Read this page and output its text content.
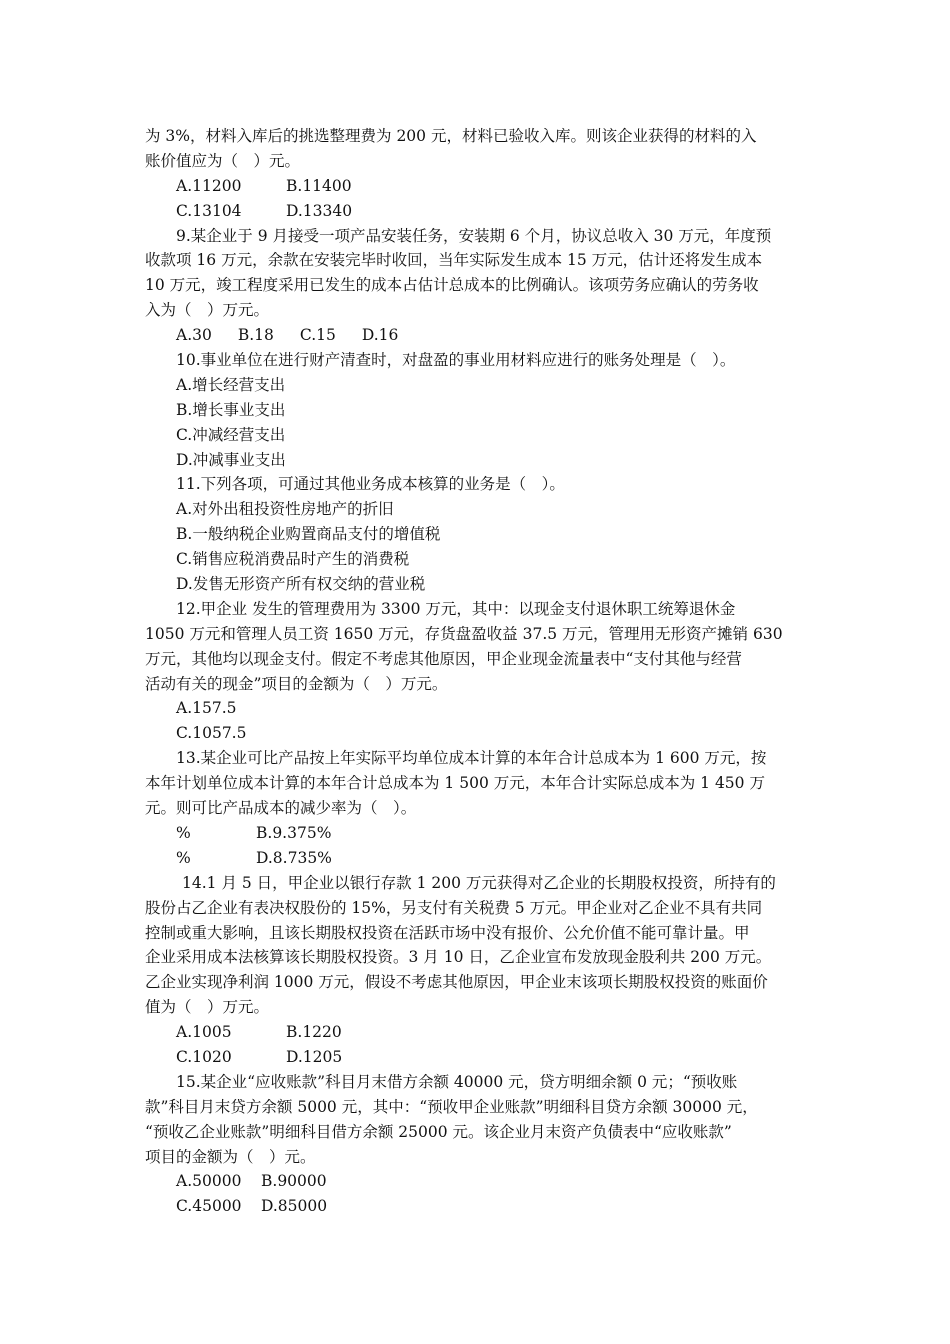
为 3%，材料入库后的挑选整理费为 200 元，材料已验收入库。则该企业获得的材料的入
账价值应为（　）元。
A.11200	B.11400
C.13104	D.13340
9.某企业于 9 月接受一项产品安装任务，安装期 6 个月，协议总收入 30 万元，年度预
收款项 16 万元，余款在安装完毕时收回，当年实际发生成本 15 万元，估计还将发生成本
10 万元，竣工程度采用已发生的成本占估计总成本的比例确认。该项劳务应确认的劳务收
入为（　）万元。
A.30 B.18 C.15 D.16
10.事业单位在进行财产清查时，对盘盈的事业用材料应进行的账务处理是（　）。
A.增长经营支出
B.增长事业支出
C.冲减经营支出
D.冲减事业支出
11.下列各项，可通过其他业务成本核算的业务是（　）。
A.对外出租投资性房地产的折旧
B.一般纳税企业购置商品支付的增值税
C.销售应税消费品时产生的消费税
D.发售无形资产所有权交纳的营业税
12.甲企业 发生的管理费用为 3300 万元，其中：以现金支付退休职工统筹退休金
1050 万元和管理人员工资 1650 万元，存货盘盈收益 37.5 万元，管理用无形资产摊销 630
万元，其他均以现金支付。假定不考虑其他原因，甲企业现金流量表中“支付其他与经营
活动有关的现金”项目的金额为（　）万元。
A.157.5
C.1057.5
13.某企业可比产品按上年实际平均单位成本计算的本年合计总成本为 1 600 万元，按
本年计划单位成本计算的本年合计总成本为 1 500 万元，本年合计实际总成本为 1 450 万
元。则可比产品成本的减少率为（　）。
%	B.9.375%
%	D.8.735%
14.1 月 5 日，甲企业以银行存款 1 200 万元获得对乙企业的长期股权投资，所持有的
股份占乙企业有表决权股份的 15%，另支付有关税费 5 万元。甲企业对乙企业不具有共同
控制或重大影响，且该长期股权投资在活跃市场中没有报价、公允价值不能可靠计量。甲
企业采用成本法核算该长期股权投资。3 月 10 日，乙企业宣布发放现金股利共 200 万元。
乙企业实现净利润 1000 万元，假设不考虑其他原因，甲企业末该项长期股权投资的账面价
值为（　）万元。
A.1005	B.1220
C.1020	D.1205
15.某企业“应收账款”科目月末借方余额 40000 元，贷方明细余额 0 元；“预收账
款”科目月末贷方余额 5000 元，其中：“预收甲企业账款”明细科目贷方余额 30000 元，
“预收乙企业账款”明细科目借方余额 25000 元。该企业月末资产负债表中“应收账款”
项目的金额为（　）元。
A.50000	B.90000
C.45000	D.85000
